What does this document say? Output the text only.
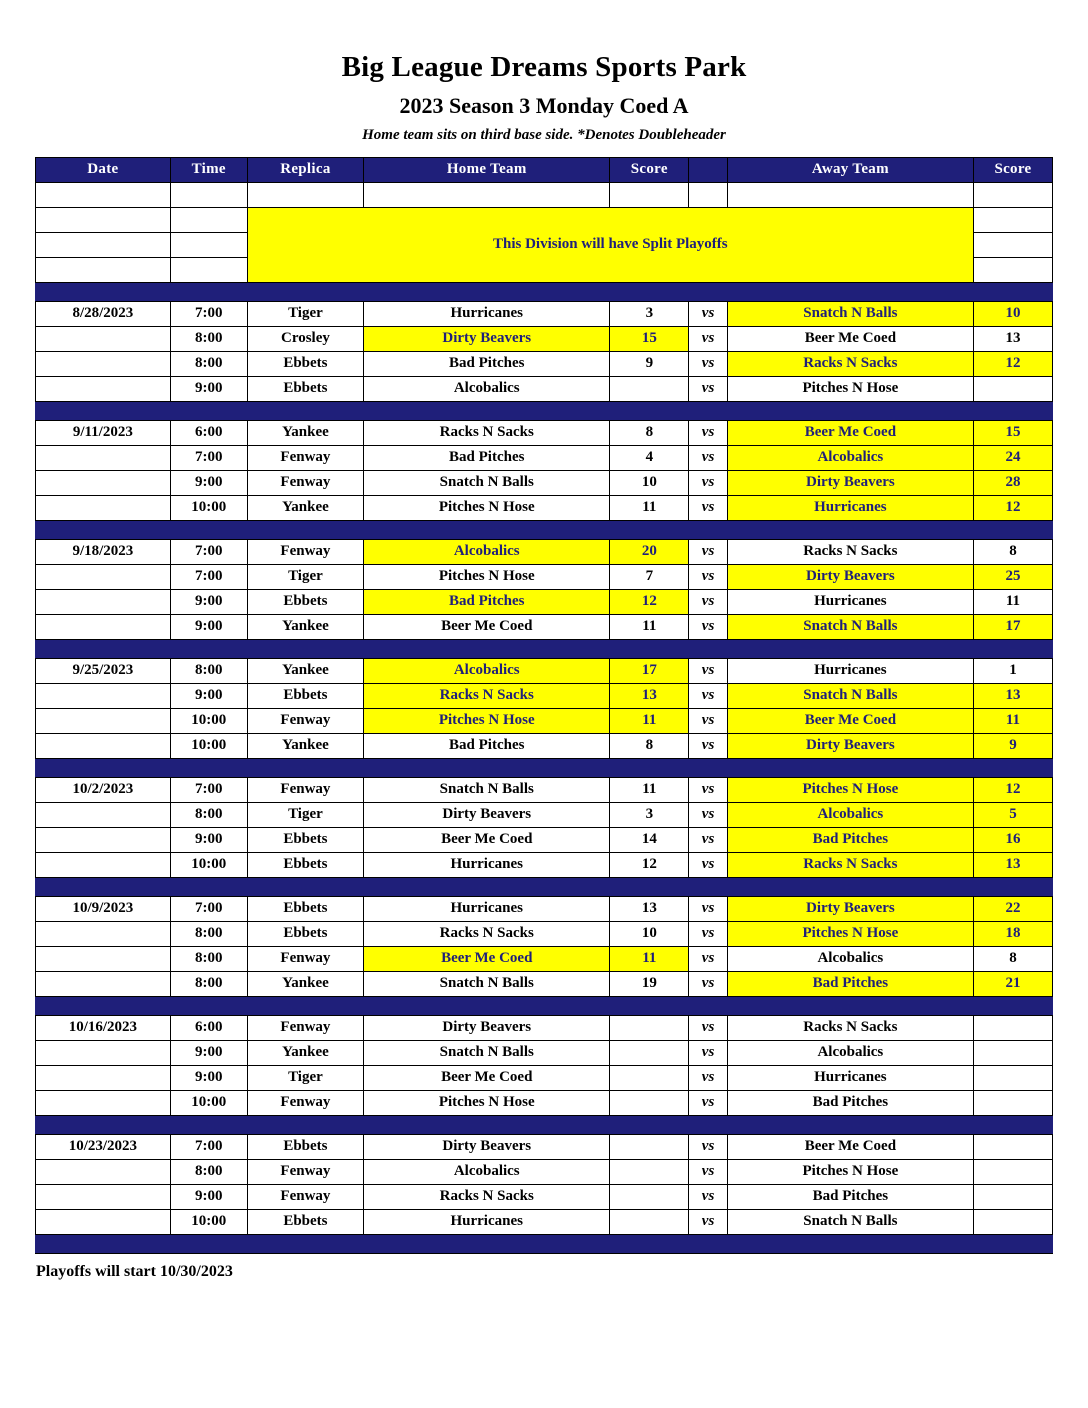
Big League Dreams Sports Park
2023 Season 3 Monday Coed A
Home team sits on third base side. *Denotes Doubleheader
Date	Time	Replica	Home Team	Score		Away Team	Score

		This Division will have Split Playoffs					

8/28/2023	7:00	Tiger	Hurricanes	3	vs	Snatch N Balls	10
	8:00	Crosley	Dirty Beavers	15	vs	Beer Me Coed	13
	8:00	Ebbets	Bad Pitches	9	vs	Racks N Sacks	12
	9:00	Ebbets	Alcobalics		vs	Pitches N Hose	

9/11/2023	6:00	Yankee	Racks N Sacks	8	vs	Beer Me Coed	15
	7:00	Fenway	Bad Pitches	4	vs	Alcobalics	24
	9:00	Fenway	Snatch N Balls	10	vs	Dirty Beavers	28
	10:00	Yankee	Pitches N Hose	11	vs	Hurricanes	12

9/18/2023	7:00	Fenway	Alcobalics	20	vs	Racks N Sacks	8
	7:00	Tiger	Pitches N Hose	7	vs	Dirty Beavers	25
	9:00	Ebbets	Bad Pitches	12	vs	Hurricanes	11
	9:00	Yankee	Beer Me Coed	11	vs	Snatch N Balls	17

9/25/2023	8:00	Yankee	Alcobalics	17	vs	Hurricanes	1
	9:00	Ebbets	Racks N Sacks	13	vs	Snatch N Balls	13
	10:00	Fenway	Pitches N Hose	11	vs	Beer Me Coed	11
	10:00	Yankee	Bad Pitches	8	vs	Dirty Beavers	9

10/2/2023	7:00	Fenway	Snatch N Balls	11	vs	Pitches N Hose	12
	8:00	Tiger	Dirty Beavers	3	vs	Alcobalics	5
	9:00	Ebbets	Beer Me Coed	14	vs	Bad Pitches	16
	10:00	Ebbets	Hurricanes	12	vs	Racks N Sacks	13

10/9/2023	7:00	Ebbets	Hurricanes	13	vs	Dirty Beavers	22
	8:00	Ebbets	Racks N Sacks	10	vs	Pitches N Hose	18
	8:00	Fenway	Beer Me Coed	11	vs	Alcobalics	8
	8:00	Yankee	Snatch N Balls	19	vs	Bad Pitches	21

10/16/2023	6:00	Fenway	Dirty Beavers		vs	Racks N Sacks	
	9:00	Yankee	Snatch N Balls		vs	Alcobalics	
	9:00	Tiger	Beer Me Coed		vs	Hurricanes	
	10:00	Fenway	Pitches N Hose		vs	Bad Pitches	

10/23/2023	7:00	Ebbets	Dirty Beavers		vs	Beer Me Coed	
	8:00	Fenway	Alcobalics		vs	Pitches N Hose	
	9:00	Fenway	Racks N Sacks		vs	Bad Pitches	
	10:00	Ebbets	Hurricanes		vs	Snatch N Balls	

Playoffs will start 10/30/2023
